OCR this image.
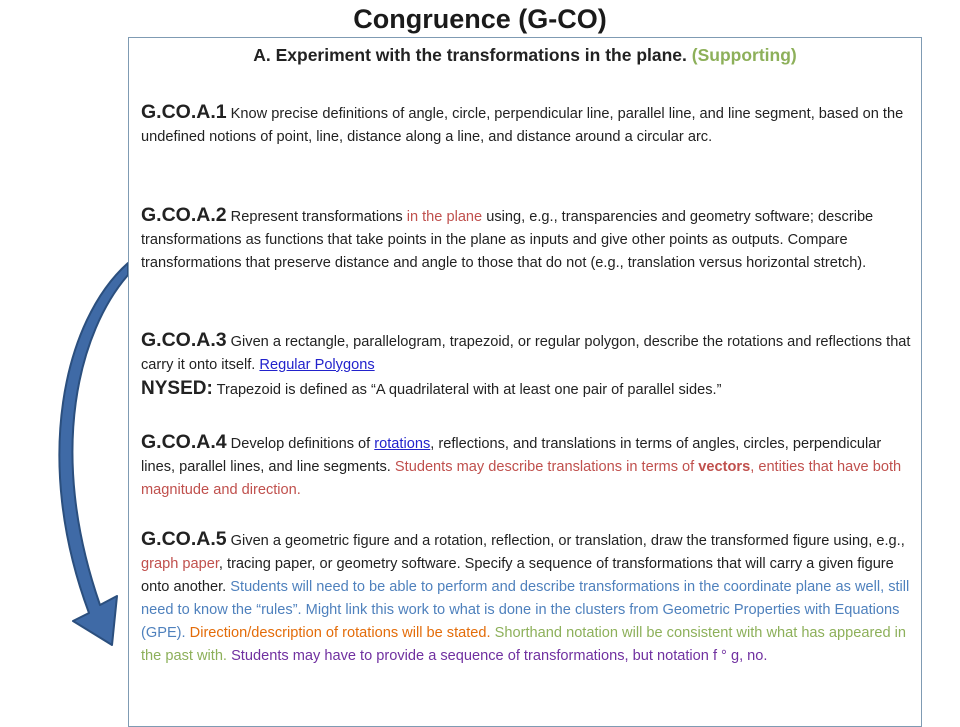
Congruence (G-CO)

A. Experiment with the transformations in the plane. (Supporting)

G.CO.A.1 Know precise definitions of angle, circle, perpendicular line, parallel line, and line segment, based on the undefined notions of point, line, distance along a line, and distance around a circular arc.

G.CO.A.2 Represent transformations in the plane using, e.g., transparencies and geometry software; describe transformations as functions that take points in the plane as inputs and give other points as outputs. Compare transformations that preserve distance and angle to those that do not (e.g., translation versus horizontal stretch).

G.CO.A.3 Given a rectangle, parallelogram, trapezoid, or regular polygon, describe the rotations and reflections that carry it onto itself. Regular Polygons
NYSED: Trapezoid is defined as “A quadrilateral with at least one pair of parallel sides.”

G.CO.A.4 Develop definitions of rotations, reflections, and translations in terms of angles, circles, perpendicular lines, parallel lines, and line segments. Students may describe translations in terms of vectors, entities that have both magnitude and direction.

G.CO.A.5 Given a geometric figure and a rotation, reflection, or translation, draw the transformed figure using, e.g., graph paper, tracing paper, or geometry software. Specify a sequence of transformations that will carry a given figure onto another. Students will need to be able to perform and describe transformations in the coordinate plane as well, still need to know the “rules”. Might link this work to what is done in the clusters from Geometric Properties with Equations (GPE). Direction/description of rotations will be stated. Shorthand notation will be consistent with what has appeared in the past with. Students may have to provide a sequence of transformations, but notation f ° g, no.
